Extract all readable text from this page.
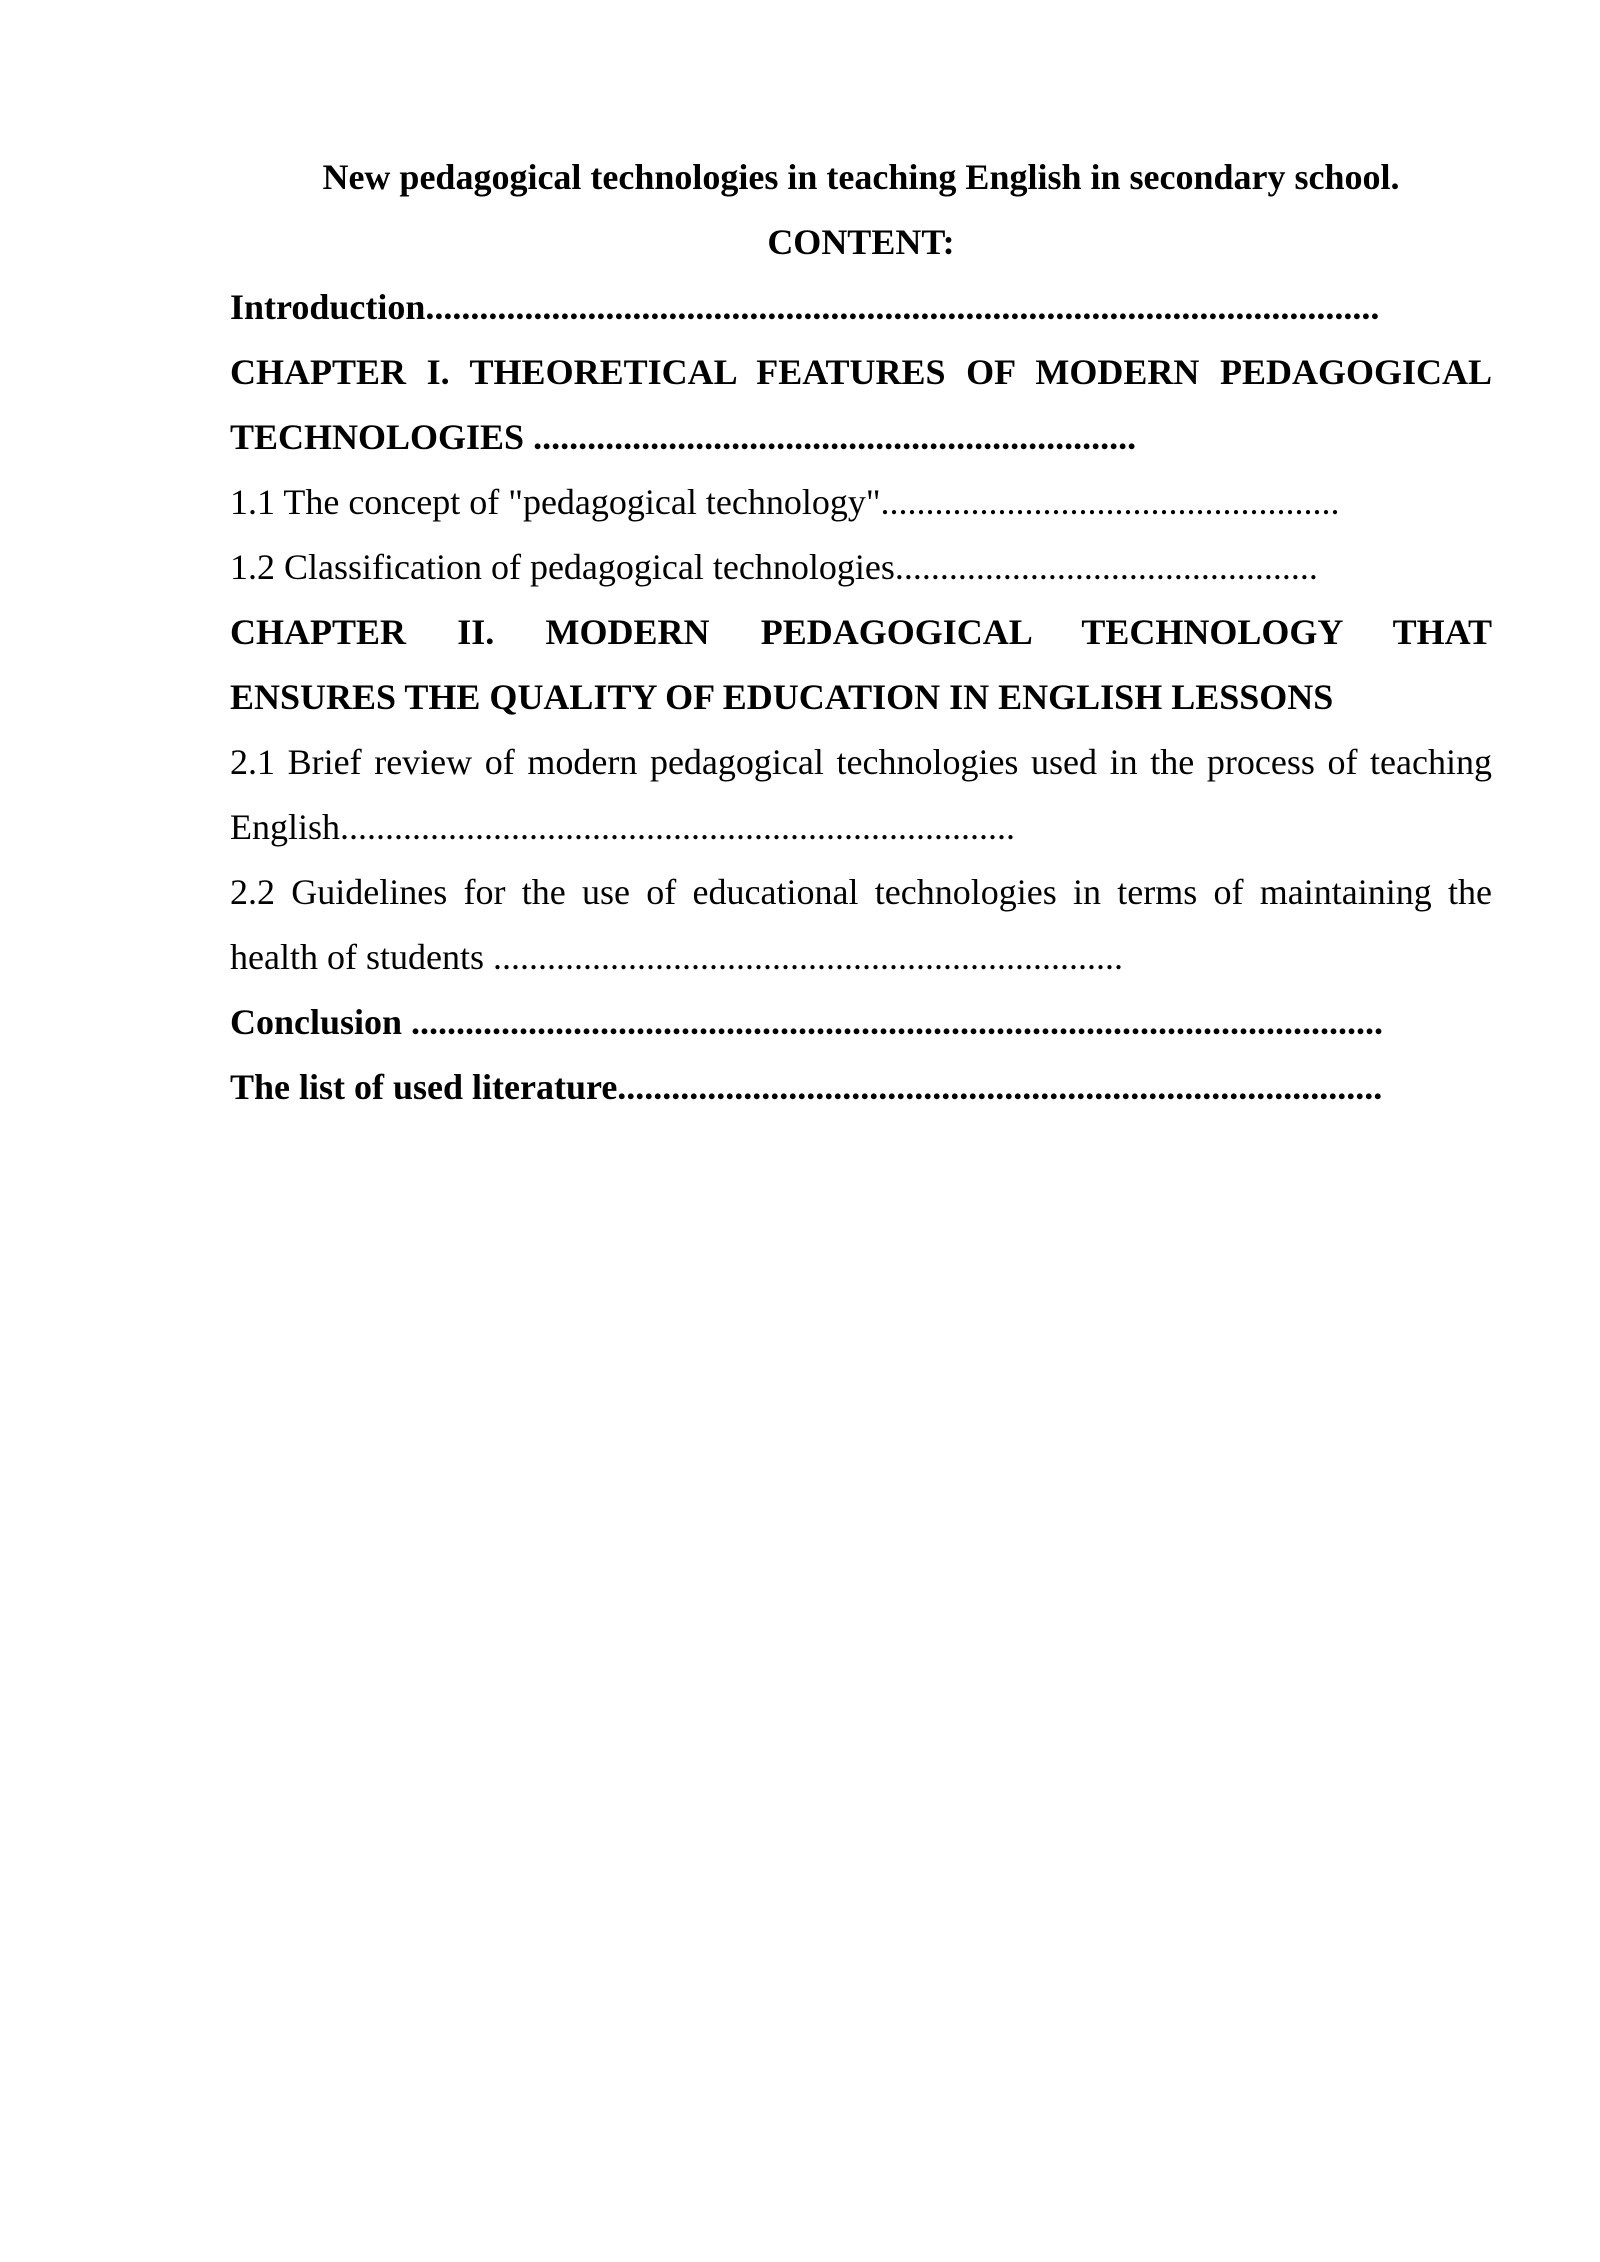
New pedagogical technologies in teaching English in secondary school.
CONTENT:
Introduction..........................................................................................................
CHAPTER I. THEORETICAL FEATURES OF MODERN PEDAGOGICAL
TECHNOLOGIES ...................................................................
1.1 The concept of "pedagogical technology"...................................................
1.2 Classification of pedagogical technologies...............................................
CHAPTER II. MODERN PEDAGOGICAL TECHNOLOGY THAT
ENSURES THE QUALITY OF EDUCATION IN ENGLISH LESSONS
2.1 Brief review of modern pedagogical technologies used in the process of teaching
English...........................................................................
2.2 Guidelines for the use of educational technologies in terms of maintaining the
health of students ......................................................................
Conclusion ............................................................................................................
The list of used literature.....................................................................................
